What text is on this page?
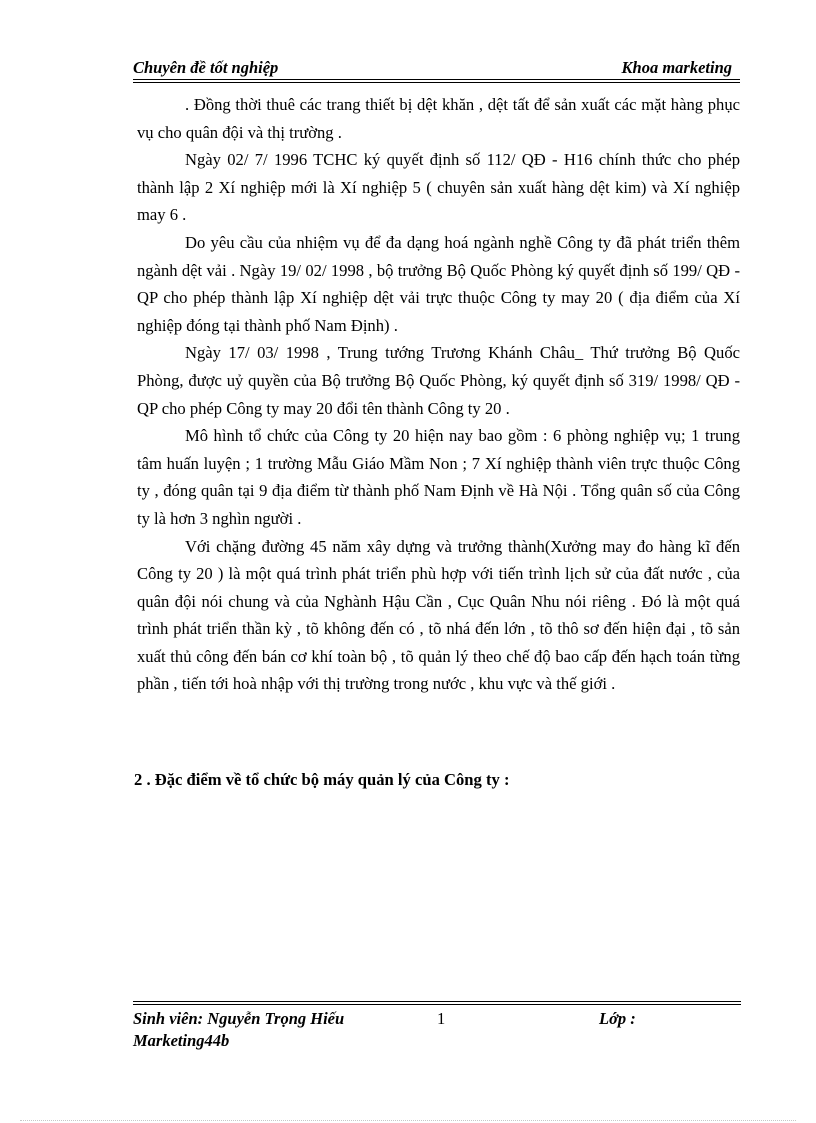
Chuyên đề tốt nghiệp	Khoa marketing

. Đồng thời thuê các trang thiết bị dệt khăn , dệt tất để sản xuất các mặt hàng phục vụ cho quân đội và thị trường .

Ngày 02/ 7/ 1996 TCHC ký quyết định số 112/ QĐ - H16 chính thức cho phép thành lập 2 Xí nghiệp mới là Xí nghiệp 5 ( chuyên sản xuất hàng dệt kim) và Xí nghiệp may 6 .

Do yêu cầu của nhiệm vụ để đa dạng hoá ngành nghề Công ty đã phát triển thêm ngành dệt vải . Ngày 19/ 02/ 1998 , bộ trưởng Bộ Quốc Phòng ký quyết định số 199/ QĐ - QP cho phép thành lập Xí nghiệp dệt vải trực thuộc Công ty may 20 ( địa điểm của Xí nghiệp đóng tại thành phố Nam Định) .

Ngày 17/ 03/ 1998 , Trung tướng Trương Khánh Châu_ Thứ trưởng Bộ Quốc Phòng, được uỷ quyền của Bộ trưởng Bộ Quốc Phòng, ký quyết định số 319/ 1998/ QĐ - QP cho phép Công ty may 20 đổi tên thành Công ty 20 .

Mô hình tổ chức của Công ty 20 hiện nay bao gồm : 6 phòng nghiệp vụ; 1 trung tâm huấn luyện ; 1 trường Mẫu Giáo Mầm Non ; 7 Xí nghiệp thành viên trực thuộc Công ty , đóng quân tại 9 địa điểm từ thành phố Nam Định về Hà Nội . Tổng quân số của Công ty là hơn 3 nghìn người .

Với chặng đường 45 năm xây dựng và trưởng thành(Xưởng may đo hàng kĩ đến Công ty 20 ) là một quá trình phát triển phù hợp với tiến trình lịch sử của đất nước , của quân đội nói chung và của Nghành Hậu Cần , Cục Quân Nhu nói riêng . Đó là một quá trình phát triển thần kỳ , tõ không đến có , tõ nhá đến lớn , tõ thô sơ đến hiện đại , tõ sản xuất thủ công đến bán cơ khí toàn bộ , tõ quản lý theo chế độ bao cấp đến hạch toán từng phần , tiến tới hoà nhập với thị trường trong nước , khu vực và thế giới .

2 . Đặc điểm về tổ chức bộ máy quản lý của Công ty :
Sinh viên: Nguyễn Trọng Hiếu	1	Lớp :
Marketing44b
